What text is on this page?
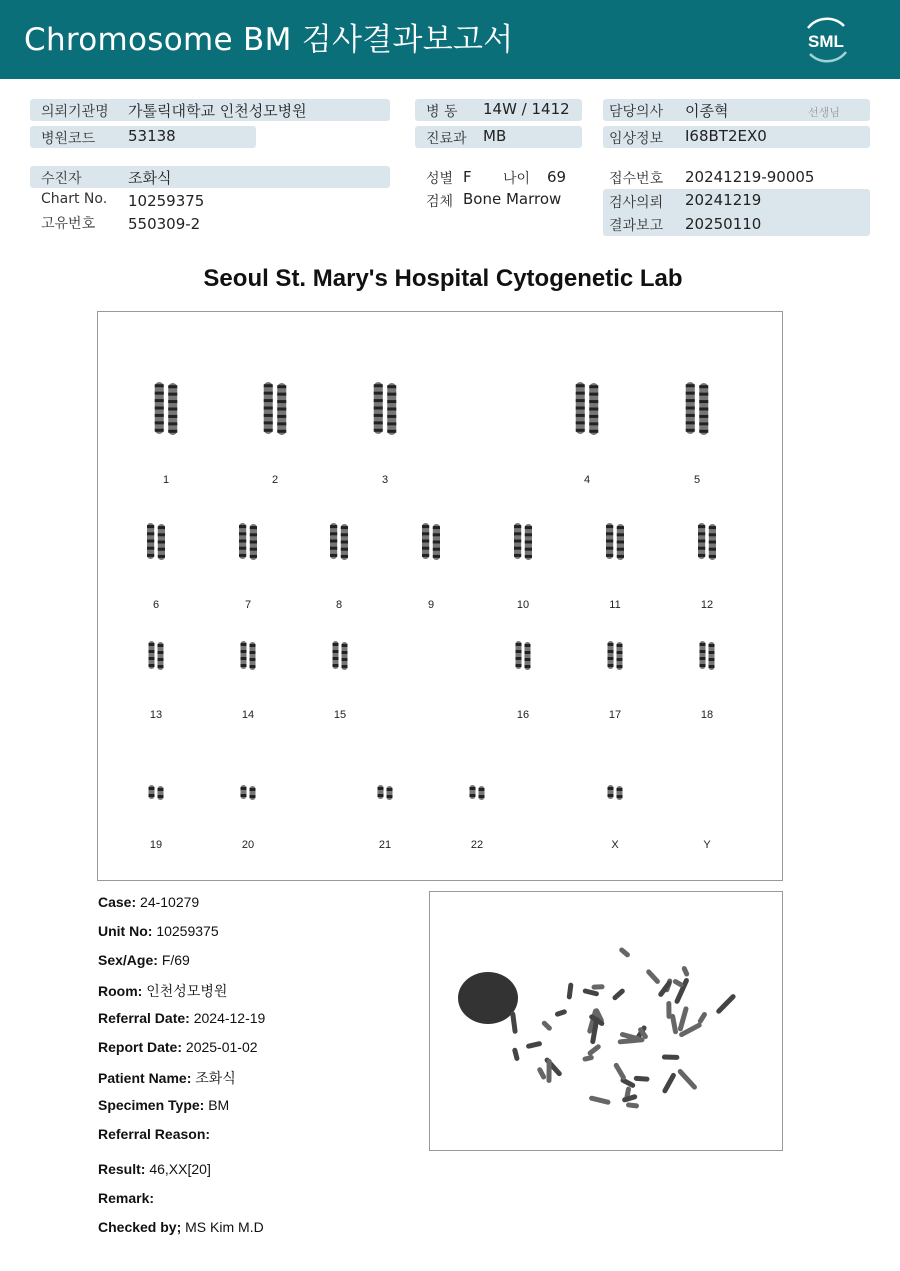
Chromosome BM 검사결과보고서	SML
의뢰기관명 가톨릭대학교 인천성모병원
병원코드 53138
병 동 14W / 1412
진료과 MB
담당의사 이종혁	선생님
임상정보 I68BT2EX0
수진자	조화식
Chart No. 10259375
고유번호 550309-2
성별 F 나이 69
검체 Bone Marrow
접수번호 20241219-90005
검사의뢰 20241219
결과보고 20250110
Seoul St. Mary's Hospital Cytogenetic Lab
1	2	3	4	5
6	7	8	9	10	11	12
13	14	15	16	17	18
19	20	21	22	X	Y
Case: 24-10279
Unit No: 10259375
Sex/Age: F/69
Room: 인천성모병원
Referral Date: 2024-12-19
Report Date: 2025-01-02
Patient Name: 조화식
Specimen Type: BM
Referral Reason:
Result: 46,XX[20]
Remark:
Checked by; MS Kim M.D
